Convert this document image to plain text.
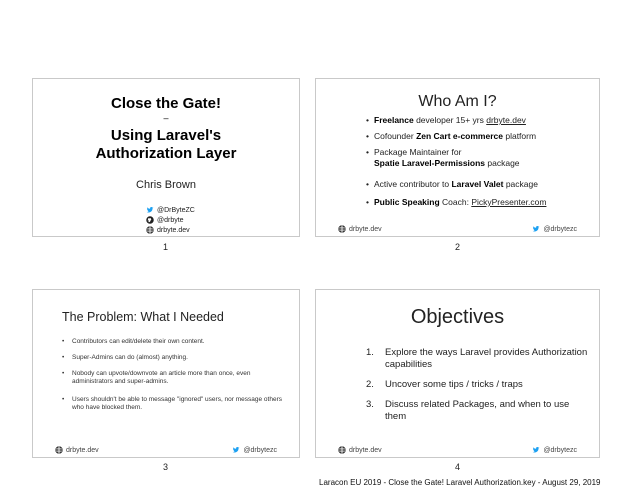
Close the Gate!
–
Using Laravel's
Authorization Layer
Chris Brown
@DrByteZC
@drbyte
drbyte.dev
1
Who Am I?
• Freelance developer 15+ yrs drbyte.dev
• Cofounder Zen Cart e-commerce platform
• Package Maintainer for
Spatie Laravel-Permissions package
• Active contributor to Laravel Valet package
• Public Speaking Coach: PickyPresenter.com
drbyte.dev	@drbytezc
2
The Problem: What I Needed
•	Contributors can edit/delete their own content.
•	Super-Admins can do (almost) anything.
•	Nobody can upvote/downvote an article more than once, even administrators and super-admins.
•	Users shouldn't be able to message "ignored" users, nor message others who have blocked them.
drbyte.dev	@drbytezc
3
Objectives
1.	Explore the ways Laravel provides Authorization capabilities
2.	Uncover some tips / tricks / traps
3.	Discuss related Packages, and when to use them
drbyte.dev	@drbytezc
4
Laracon EU 2019 - Close the Gate! Laravel Authorization.key - August 29, 2019
